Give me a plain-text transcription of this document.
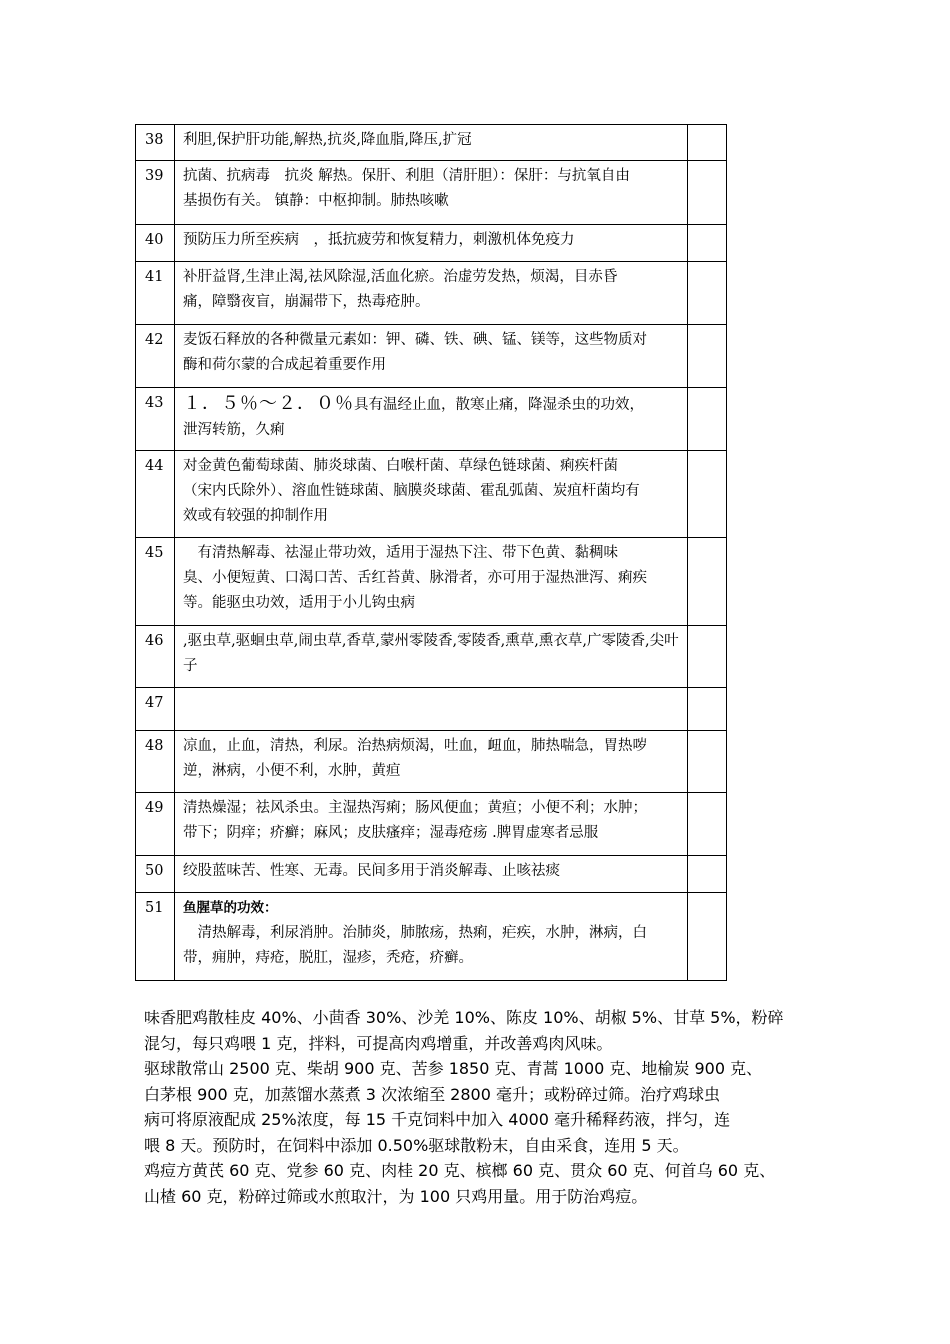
38	利胆,保护肝功能,解热,抗炎,降血脂,降压,扩冠	

39	抗菌、抗病毒　抗炎 解热。保肝、利胆（清肝胆）：保肝：与抗氧自由
基损伤有关。 镇静：中枢抑制。肺热咳嗽	

40	预防压力所至疾病　，抵抗疲劳和恢复精力，刺激机体免疫力	

41	补肝益肾,生津止渴,祛风除湿,活血化瘀。治虚劳发热，烦渴，目赤昏
痛，障翳夜盲，崩漏带下，热毒疮肿。	

42	麦饭石释放的各种微量元素如：钾、磷、铁、碘、锰、镁等，这些物质对
酶和荷尔蒙的合成起着重要作用	

43	１．５％～２．０％具有温经止血，散寒止痛，降湿杀虫的功效，
泄泻转筋，久痢	

44	对金黄色葡萄球菌、肺炎球菌、白喉杆菌、草绿色链球菌、痢疾杆菌
（宋内氏除外）、溶血性链球菌、脑膜炎球菌、霍乱弧菌、炭疽杆菌均有
效或有较强的抑制作用	

45	　有清热解毒、祛湿止带功效，适用于湿热下注、带下色黄、黏稠味
臭、小便短黄、口渴口苦、舌红苔黄、脉滑者，亦可用于湿热泄泻、痢疾
等。能驱虫功效，适用于小儿钩虫病	

46	,驱虫草,驱蛔虫草,闹虫草,香草,蒙州零陵香,零陵香,熏草,熏衣草,广零陵香,尖叶
子	

47	

48	凉血，止血，清热，利尿。治热病烦渴，吐血，衄血，肺热喘急，胃热哕
逆，淋病，小便不利，水肿，黄疸	

49	清热燥湿；祛风杀虫。主湿热泻痢；肠风便血；黄疸；小便不利；水肿；
带下；阴痒；疥癣；麻风；皮肤瘙痒；湿毒疮疡 .脾胃虚寒者忌服	

50	绞股蓝味苦、性寒、无毒。民间多用于消炎解毒、止咳祛痰	

51	鱼腥草的功效：
　清热解毒，利尿消肿。治肺炎，肺脓疡，热痢，疟疾，水肿，淋病，白
带，痈肿，痔疮，脱肛，湿疹，秃疮，疥癣。	

味香肥鸡散桂皮 40%、小茴香 30%、沙羌 10%、陈皮 10%、胡椒 5%、甘草 5%，粉碎
混匀，每只鸡喂 1 克，拌料，可提高肉鸡增重，并改善鸡肉风味。
驱球散常山 2500 克、柴胡 900 克、苦参 1850 克、青蒿 1000 克、地榆炭 900 克、
白茅根 900 克，加蒸馏水蒸煮 3 次浓缩至 2800 毫升；或粉碎过筛。治疗鸡球虫
病可将原液配成 25%浓度，每 15 千克饲料中加入 4000 毫升稀释药液，拌匀，连
喂 8 天。预防时，在饲料中添加 0.50%驱球散粉末，自由采食，连用 5 天。
鸡痘方黄芪 60 克、党参 60 克、肉桂 20 克、槟榔 60 克、贯众 60 克、何首乌 60 克、
山楂 60 克，粉碎过筛或水煎取汁，为 100 只鸡用量。用于防治鸡痘。
